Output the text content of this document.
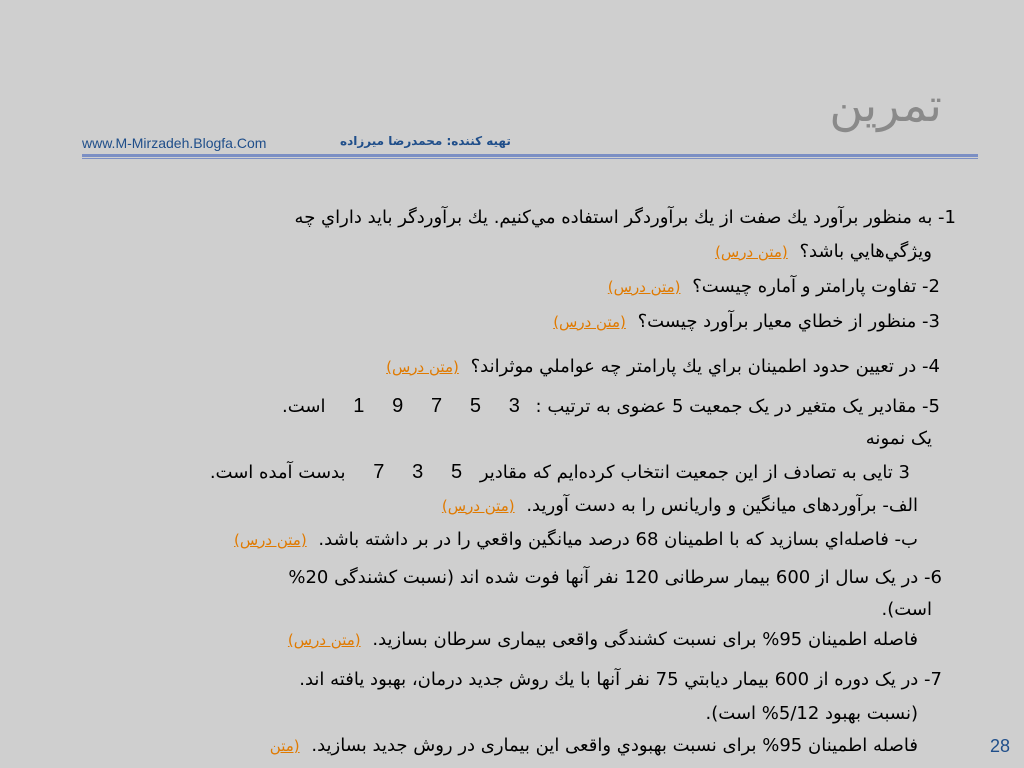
تمرين
www.M-Mirzadeh.Blogfa.Com	تهيه كننده: محمدرضا ميرزاده
1- به منظور برآورد يك صفت از يك برآوردگر استفاده مي‌كنيم. يك برآوردگر بايد داراي چه
ويژگي‌هايي باشد؟ (متن درس)
2- تفاوت پارامتر و آماره چيست؟ (متن درس)
3- منظور از خطاي معيار برآورد چيست؟ (متن درس)
4- در تعيين حدود اطمينان براي يك پارامتر چه عواملي موثراند؟ (متن درس)
5- مقادیر یک متغیر در یک جمعیت 5 عضوی به ترتیب : 3 5 7 9 1 است.
یک نمونه
3 تایی به تصادف از این جمعیت انتخاب کرده‌ایم که مقادیر 5 3 7 بدست آمده است.
الف- برآوردهای میانگین و واریانس را به دست آورید. (متن درس)
ب- فاصله‌اي بسازيد كه با اطمينان 68 درصد ميانگين واقعي را در بر داشته باشد. (متن درس)
6- در یک سال از 600 بیمار سرطانی 120 نفر آنها فوت شده اند (نسبت کشندگی 20%
است).
فاصله اطمینان 95% برای نسبت کشندگی واقعی بیماری سرطان بسازید. (متن درس)
7- در یک دوره از 600 بيمار ديابتي 75 نفر آنها با يك روش جديد درمان، بهبود يافته اند.
(نسبت بهبود 5/12% است).
فاصله اطمینان 95% برای نسبت بهبودي واقعی این بیماری در روش جدید بسازید. (متن	28
